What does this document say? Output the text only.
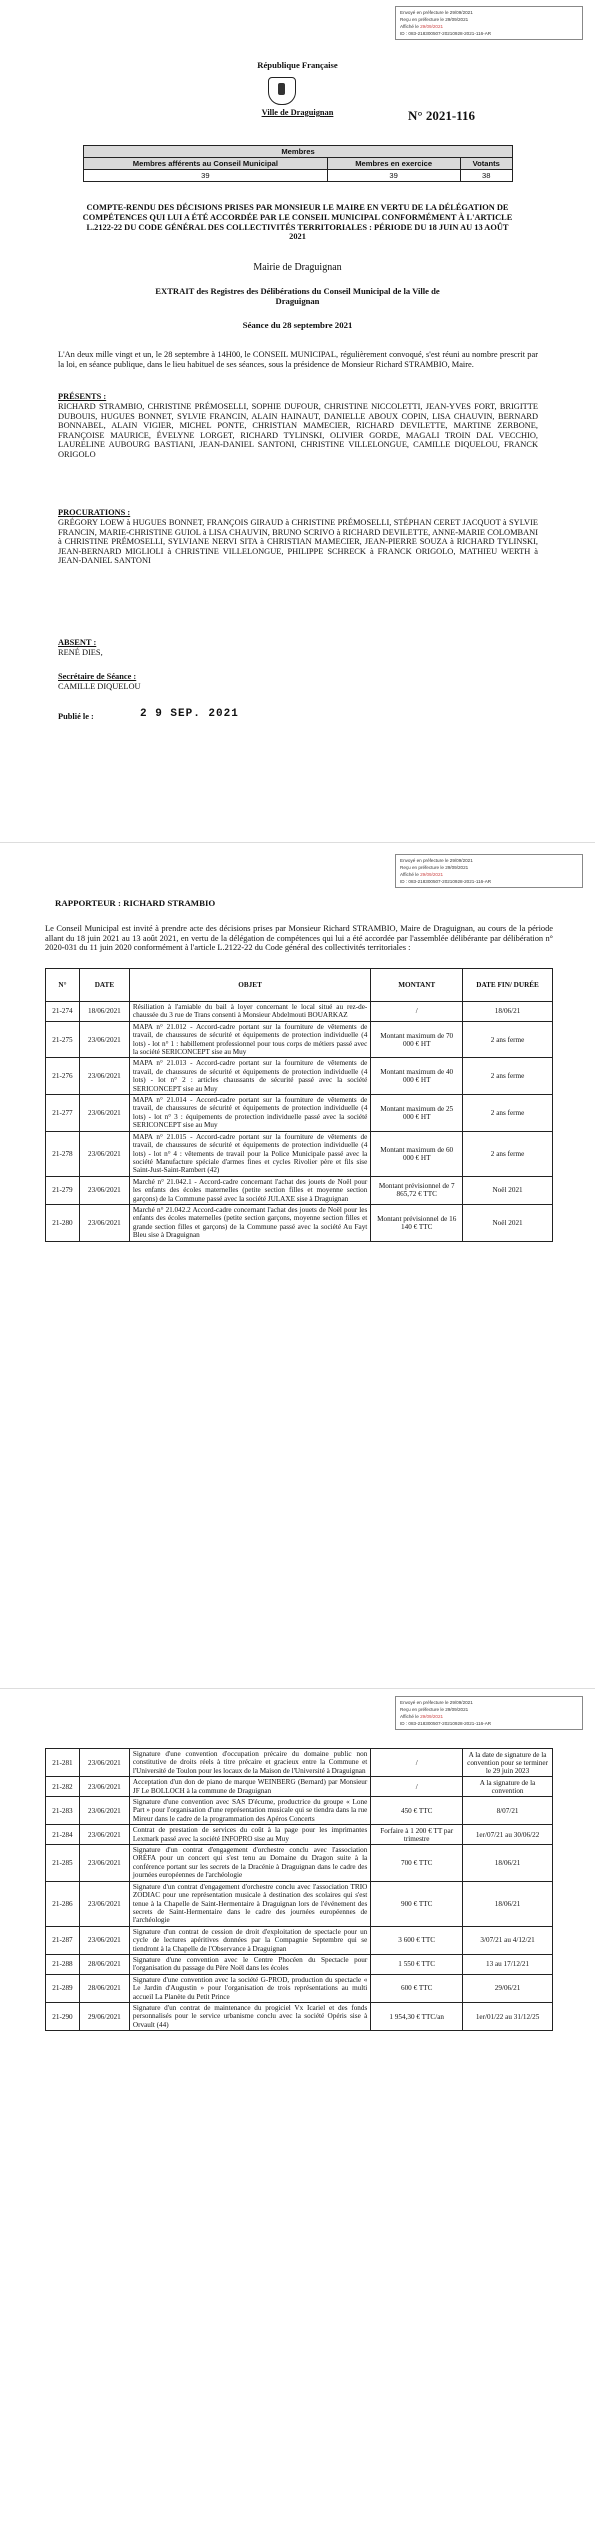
Envoyé en préfecture le 29/09/2021
Reçu en préfecture le 29/09/2021
Affiché le 29/09/2021
ID : 083-218300507-20210928-2021-116-AR
République Française
Ville de Draguignan	N° 2021-116
Membres		
Membres afférents au Conseil Municipal	Membres en exercice	Votants
39	39	38
COMPTE-RENDU DES DÉCISIONS PRISES PAR MONSIEUR LE MAIRE EN VERTU DE LA DÉLÉGATION DE COMPÉTENCES QUI LUI A ÉTÉ ACCORDÉE PAR LE CONSEIL MUNICIPAL CONFORMÉMENT À L'ARTICLE L.2122-22 DU CODE GÉNÉRAL DES COLLECTIVITÉS TERRITORIALES : PÉRIODE DU 18 JUIN AU 13 AOÛT 2021
Mairie de Draguignan
EXTRAIT des Registres des Délibérations du Conseil Municipal de la Ville de Draguignan
Séance du 28 septembre 2021
L'An deux mille vingt et un, le 28 septembre à 14H00, le CONSEIL MUNICIPAL, régulièrement convoqué, s'est réuni au nombre prescrit par la loi, en séance publique, dans le lieu habituel de ses séances, sous la présidence de Monsieur Richard STRAMBIO, Maire.
PRÉSENTS :
RICHARD STRAMBIO, CHRISTINE PRÉMOSELLI, SOPHIE DUFOUR, CHRISTINE NICCOLETTI, JEAN-YVES FORT, BRIGITTE DUBOUIS, HUGUES BONNET, SYLVIE FRANCIN, ALAIN HAINAUT, DANIELLE ABOUX COPIN, LISA CHAUVIN, BERNARD BONNABEL, ALAIN VIGIER, MICHEL PONTE, CHRISTIAN MAMECIER, RICHARD DEVILETTE, MARTINE ZERBONE, FRANÇOISE MAURICE, ÉVELYNE LORGET, RICHARD TYLINSKI, OLIVIER GORDE, MAGALI TROIN DAL VECCHIO, LAURELINE AUBOURG BASTIANI, JEAN-DANIEL SANTONI, CHRISTINE VILLELONGUE, CAMILLE DIQUELOU, FRANCK ORIGOLO
PROCURATIONS :
GRÉGORY LOEW à HUGUES BONNET, FRANÇOIS GIRAUD à CHRISTINE PRÉMOSELLI, STÉPHAN CERET JACQUOT à SYLVIE FRANCIN, MARIE-CHRISTINE GUIOL à LISA CHAUVIN, BRUNO SCRIVO à RICHARD DEVILETTE, ANNE-MARIE COLOMBANI à CHRISTINE PRÉMOSELLI, SYLVIANE NERVI SITA à CHRISTIAN MAMECIER, JEAN-PIERRE SOUZA à RICHARD TYLINSKI, JEAN-BERNARD MIGLIOLI à CHRISTINE VILLELONGUE, PHILIPPE SCHRECK à FRANCK ORIGOLO, MATHIEU WERTH à JEAN-DANIEL SANTONI
ABSENT :
RENÉ DIES,
Secrétaire de Séance :
CAMILLE DIQUELOU
Publié le :	2 9 SEP. 2021
Envoyé en préfecture le 29/09/2021
Reçu en préfecture le 29/09/2021
Affiché le 29/09/2021
ID : 083-218300507-20210928-2021-116-AR
RAPPORTEUR : RICHARD STRAMBIO
Le Conseil Municipal est invité à prendre acte des décisions prises par Monsieur Richard STRAMBIO, Maire de Draguignan, au cours de la période allant du 18 juin 2021 au 13 août 2021, en vertu de la délégation de compétences qui lui a été accordée par l'assemblée délibérante par délibération n° 2020-031 du 11 juin 2020 conformément à l'article L.2122-22 du Code général des collectivités territoriales :
N°	DATE	OBJET	MONTANT	DATE FIN/ DURÉE
21-274	18/06/2021	Résiliation à l'amiable du bail à loyer concernant le local situé au rez-de-chaussée du 3 rue de Trans consenti à Monsieur Abdelmouti BOUARKAZ	/	18/06/21
21-275	23/06/2021	MAPA n° 21.012 - Accord-cadre portant sur la fourniture de vêtements de travail, de chaussures de sécurité et équipements de protection individuelle (4 lots) - lot n° 1 : habillement professionnel pour tous corps de métiers passé avec la société SERICONCEPT sise au Muy	Montant maximum de 70 000 € HT	2 ans ferme
21-276	23/06/2021	MAPA n° 21.013 - Accord-cadre portant sur la fourniture de vêtements de travail, de chaussures de sécurité et équipements de protection individuelle (4 lots) - lot n° 2 : articles chaussants de sécurité passé avec la société SERICONCEPT sise au Muy	Montant maximum de 40 000 € HT	2 ans ferme
21-277	23/06/2021	MAPA n° 21.014 - Accord-cadre portant sur la fourniture de vêtements de travail, de chaussures de sécurité et équipements de protection individuelle (4 lots) - lot n° 3 : équipements de protection individuelle passé avec la société SERICONCEPT sise au Muy	Montant maximum de 25 000 € HT	2 ans ferme
21-278	23/06/2021	MAPA n° 21.015 - Accord-cadre portant sur la fourniture de vêtements de travail, de chaussures de sécurité et équipements de protection individuelle (4 lots) - lot n° 4 : vêtements de travail pour la Police Municipale passé avec la société Manufacture spéciale d'armes fines et cycles Rivolier père et fils sise Saint-Just-Saint-Rambert (42)	Montant maximum de 60 000 € HT	2 ans ferme
21-279	23/06/2021	Marché n° 21.042.1 - Accord-cadre concernant l'achat des jouets de Noël pour les enfants des écoles maternelles (petite section filles et moyenne section garçons) de la Commune passé avec la société JULAXE sise à Draguignan	Montant prévisionnel de 7 865,72 € TTC	Noël 2021
21-280	23/06/2021	Marché n° 21.042.2 Accord-cadre concernant l'achat des jouets de Noël pour les enfants des écoles maternelles (petite section garçons, moyenne section filles et grande section filles et garçons) de la Commune passé avec la société Au Fayt Bleu sise à Draguignan	Montant prévisionnel de 16 140 € TTC	Noël 2021
Envoyé en préfecture le 29/09/2021
Reçu en préfecture le 29/09/2021
Affiché le 29/09/2021
ID : 083-218300507-20210928-2021-116-AR
21-281	23/06/2021	Signature d'une convention d'occupation précaire du domaine public non constitutive de droits réels à titre précaire et gracieux entre la Commune et l'Université de Toulon pour les locaux de la Maison de l'Université à Draguignan	/	A la date de signature de la convention pour se terminer le 29 juin 2023
21-282	23/06/2021	Acceptation d'un don de piano de marque WEINBERG (Bernard) par Monsieur JF Le BOLLOCH à la commune de Draguignan	/	A la signature de la convention
21-283	23/06/2021	Signature d'une convention avec SAS D'écume, productrice du groupe « Lone Part » pour l'organisation d'une représentation musicale qui se tiendra dans la rue Mireur dans le cadre de la programmation des Apéros Concerts	450 € TTC	8/07/21
21-284	23/06/2021	Contrat de prestation de services du coût à la page pour les imprimantes Lexmark passé avec la société INFOPRO sise au Muy	Forfaire à 1 200 € TT par trimestre	1er/07/21 au 30/06/22
21-285	23/06/2021	Signature d'un contrat d'engagement d'orchestre conclu avec l'association ORÉFA pour un concert qui s'est tenu au Domaine du Dragon suite à la conférence portant sur les secrets de la Dracénie à Draguignan dans le cadre des journées européennes de l'archéologie	700 € TTC	18/06/21
21-286	23/06/2021	Signature d'un contrat d'engagement d'orchestre conclu avec l'association TRIO ZODIAC pour une représentation musicale à destination des scolaires qui s'est tenue à la Chapelle de Saint-Hermentaire à Draguignan lors de l'événement des secrets de Saint-Hermentaire dans le cadre des journées européennes de l'archéologie	900 € TTC	18/06/21
21-287	23/06/2021	Signature d'un contrat de cession de droit d'exploitation de spectacle pour un cycle de lectures apéritives données par la Compagnie Septembre qui se tiendront à la Chapelle de l'Observance à Draguignan	3 600 € TTC	3/07/21 au 4/12/21
21-288	28/06/2021	Signature d'une convention avec le Centre Phocéen du Spectacle pour l'organisation du passage du Père Noël dans les écoles	1 550 € TTC	13 au 17/12/21
21-289	28/06/2021	Signature d'une convention avec la société G-PROD, production du spectacle « Le Jardin d'Augustin » pour l'organisation de trois représentations au multi accueil La Planète du Petit Prince	600 € TTC	29/06/21
21-290	29/06/2021	Signature d'un contrat de maintenance du progiciel Vx Icariel et des fonds personnalisés pour le service urbanisme conclu avec la société Opéris sise à Orvault (44)	1 954,30 € TTC/an	1er/01/22 au 31/12/25
